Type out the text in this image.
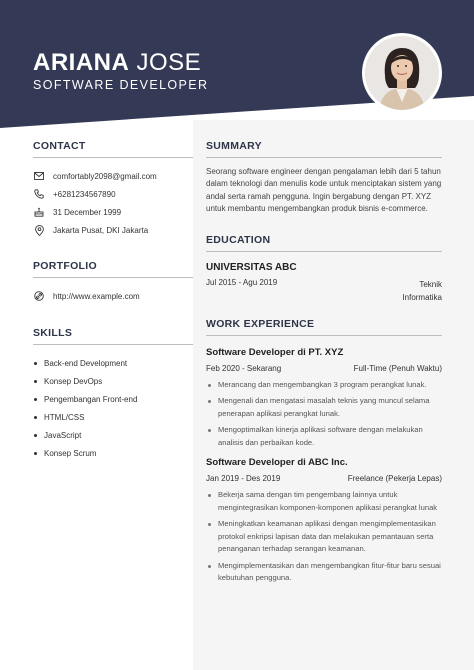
ARIANA JOSE
SOFTWARE DEVELOPER
CONTACT
comfortably2098@gmail.com
+6281234567890
31 December 1999
Jakarta Pusat, DKI Jakarta
PORTFOLIO
http://www.example.com
SKILLS
Back-end Development
Konsep DevOps
Pengembangan Front-end
HTML/CSS
JavaScript
Konsep Scrum
SUMMARY
Seorang software engineer dengan pengalaman lebih dari 5 tahun dalam teknologi dan menulis kode untuk menciptakan sistem yang andal serta ramah pengguna. Ingin bergabung dengan PT. XYZ untuk membantu mengembangkan produk bisnis e-commerce.
EDUCATION
UNIVERSITAS ABC
Jul 2015 - Agu 2019	Teknik
Informatika
WORK EXPERIENCE
Software Developer di PT. XYZ
Feb 2020 - Sekarang	Full-Time (Penuh Waktu)
Merancang dan mengembangkan 3 program perangkat lunak.
Mengenali dan mengatasi masalah teknis yang muncul selama penerapan aplikasi perangkat lunak.
Mengoptimalkan kinerja aplikasi software dengan melakukan analisis dan perbaikan kode.
Software Developer di ABC Inc.
Jan 2019 - Des 2019	Freelance (Pekerja Lepas)
Bekerja sama dengan tim pengembang lainnya untuk mengintegrasikan komponen-komponen aplikasi perangkat lunak
Meningkatkan keamanan aplikasi dengan mengimplementasikan protokol enkripsi lapisan data dan melakukan pemantauan serta penanganan terhadap serangan keamanan.
Mengimplementasikan dan mengembangkan fitur-fitur baru sesuai kebutuhan pengguna.
